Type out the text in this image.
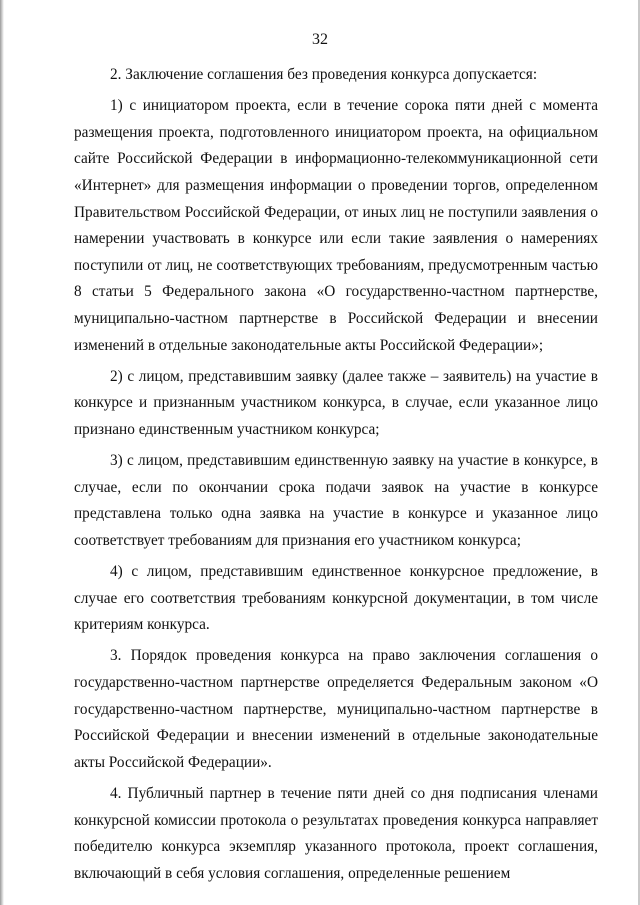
32

2. Заключение соглашения без проведения конкурса допускается:

1) с инициатором проекта, если в течение сорока пяти дней с момента размещения проекта, подготовленного инициатором проекта, на официальном сайте Российской Федерации в информационно-телекоммуникационной сети «Интернет» для размещения информации о проведении торгов, определенном Правительством Российской Федерации, от иных лиц не поступили заявления о намерении участвовать в конкурсе или если такие заявления о намерениях поступили от лиц, не соответствующих требованиям, предусмотренным частью 8 статьи 5 Федерального закона «О государственно-частном партнерстве, муниципально-частном партнерстве в Российской Федерации и внесении изменений в отдельные законодательные акты Российской Федерации»;

2) с лицом, представившим заявку (далее также – заявитель) на участие в конкурсе и признанным участником конкурса, в случае, если указанное лицо признано единственным участником конкурса;

3) с лицом, представившим единственную заявку на участие в конкурсе, в случае, если по окончании срока подачи заявок на участие в конкурсе представлена только одна заявка на участие в конкурсе и указанное лицо соответствует требованиям для признания его участником конкурса;

4) с лицом, представившим единственное конкурсное предложение, в случае его соответствия требованиям конкурсной документации, в том числе критериям конкурса.

3. Порядок проведения конкурса на право заключения соглашения о государственно-частном партнерстве определяется Федеральным законом «О государственно-частном партнерстве, муниципально-частном партнерстве в Российской Федерации и внесении изменений в отдельные законодательные акты Российской Федерации».

4. Публичный партнер в течение пяти дней со дня подписания членами конкурсной комиссии протокола о результатах проведения конкурса направляет победителю конкурса экземпляр указанного протокола, проект соглашения, включающий в себя условия соглашения, определенные решением
